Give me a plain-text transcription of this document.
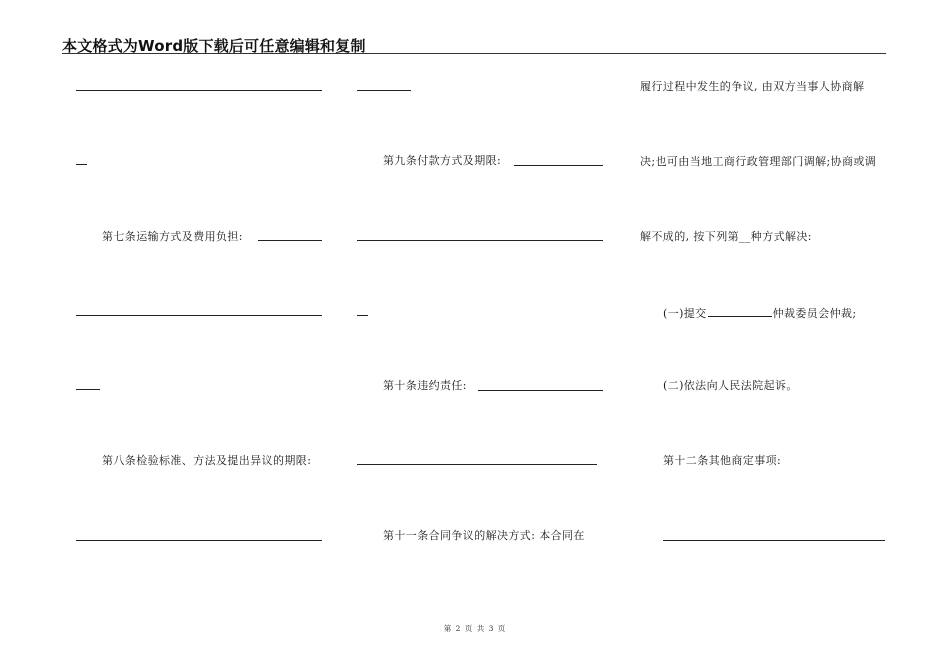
本文格式为Word版下载后可任意编辑和复制
第七条运输方式及费用负担:
第八条检验标准、方法及提出异议的期限:
第九条付款方式及期限:
第十条违约责任:
第十一条合同争议的解决方式: 本合同在
履行过程中发生的争议, 由双方当事人协商解
决;也可由当地工商行政管理部门调解;协商或调
解不成的, 按下列第__种方式解决:
(一)提交	仲裁委员会仲裁;
(二)依法向人民法院起诉。
第十二条其他商定事项:
第 2 页 共 3 页
